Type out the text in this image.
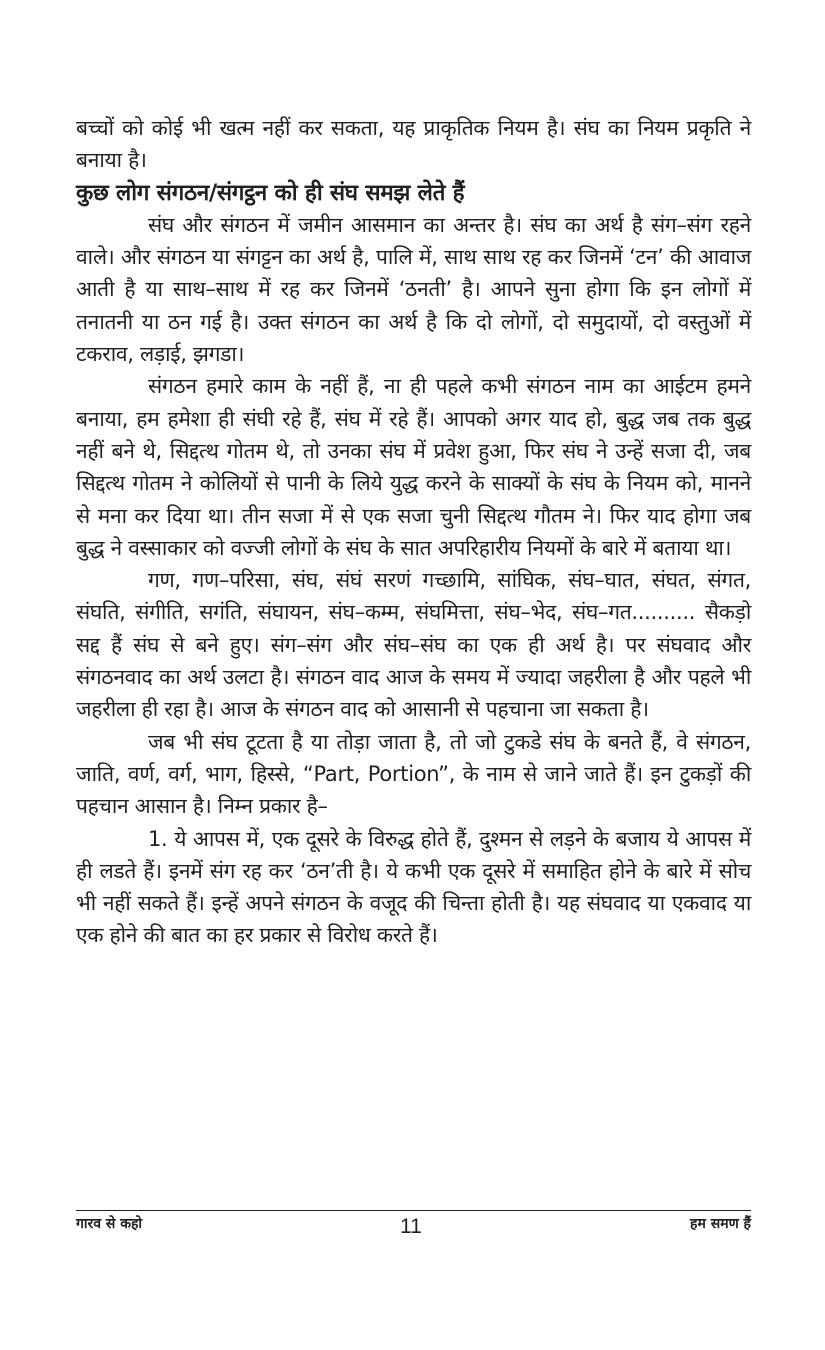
बच्चों को कोई भी खत्म नहीं कर सकता, यह प्राकृतिक नियम है। संघ का नियम प्रकृति ने बनाया है।

कुछ लोग संगठन/संगट्ठन को ही संघ समझ लेते हैं

संघ और संगठन में जमीन आसमान का अन्तर है। संघ का अर्थ है संग–संग रहने वाले। और संगठन या संगट्टन का अर्थ है, पालि में, साथ साथ रह कर जिनमें ‘टन’ की आवाज आती है या साथ–साथ में रह कर जिनमें ‘ठनती’ है। आपने सुना होगा कि इन लोगों में तनातनी या ठन गई है। उक्त संगठन का अर्थ है कि दो लोगों, दो समुदायों, दो वस्तुओं में टकराव, लड़ाई, झगडा।

संगठन हमारे काम के नहीं हैं, ना ही पहले कभी संगठन नाम का आईटम हमने बनाया, हम हमेशा ही संघी रहे हैं, संघ में रहे हैं। आपको अगर याद हो, बुद्ध जब तक बुद्ध नहीं बने थे, सिद्दत्थ गोतम थे, तो उनका संघ में प्रवेश हुआ, फिर संघ ने उन्हें सजा दी, जब सिद्दत्थ गोतम ने कोलियों से पानी के लिये युद्ध करने के साक्यों के संघ के नियम को, मानने से मना कर दिया था। तीन सजा में से एक सजा चुनी सिद्दत्थ गौतम ने। फिर याद होगा जब बुद्ध ने वस्साकार को वज्जी लोगों के संघ के सात अपरिहारीय नियमों के बारे में बताया था।

गण, गण–परिसा, संघ, संघं सरणं गच्छामि, सांघिक, संघ–घात, संघत, संगत, संघति, संगीति, सगंति, संघायन, संघ–कम्म, संघमित्ता, संघ–भेद, संघ–गत.......... सैकड़ो सद्द हैं संघ से बने हुए। संग–संग और संघ–संघ का एक ही अर्थ है। पर संघवाद और संगठनवाद का अर्थ उलटा है। संगठन वाद आज के समय में ज्यादा जहरीला है और पहले भी जहरीला ही रहा है। आज के संगठन वाद को आसानी से पहचाना जा सकता है।

जब भी संघ टूटता है या तोड़ा जाता है, तो जो टुकडे संघ के बनते हैं, वे संगठन, जाति, वर्ण, वर्ग, भाग, हिस्से, “Part, Portion”, के नाम से जाने जाते हैं। इन टुकड़ों की पहचान आसान है। निम्न प्रकार है–

1. ये आपस में, एक दूसरे के विरुद्ध होते हैं, दुश्मन से लड़ने के बजाय ये आपस में ही लडते हैं। इनमें संग रह कर ‘ठन’ती है। ये कभी एक दूसरे में समाहित होने के बारे में सोच भी नहीं सकते हैं। इन्हें अपने संगठन के वजूद की चिन्ता होती है। यह संघवाद या एकवाद या एक होने की बात का हर प्रकार से विरोध करते हैं।

गारव से कहो	11	हम समण हैं
